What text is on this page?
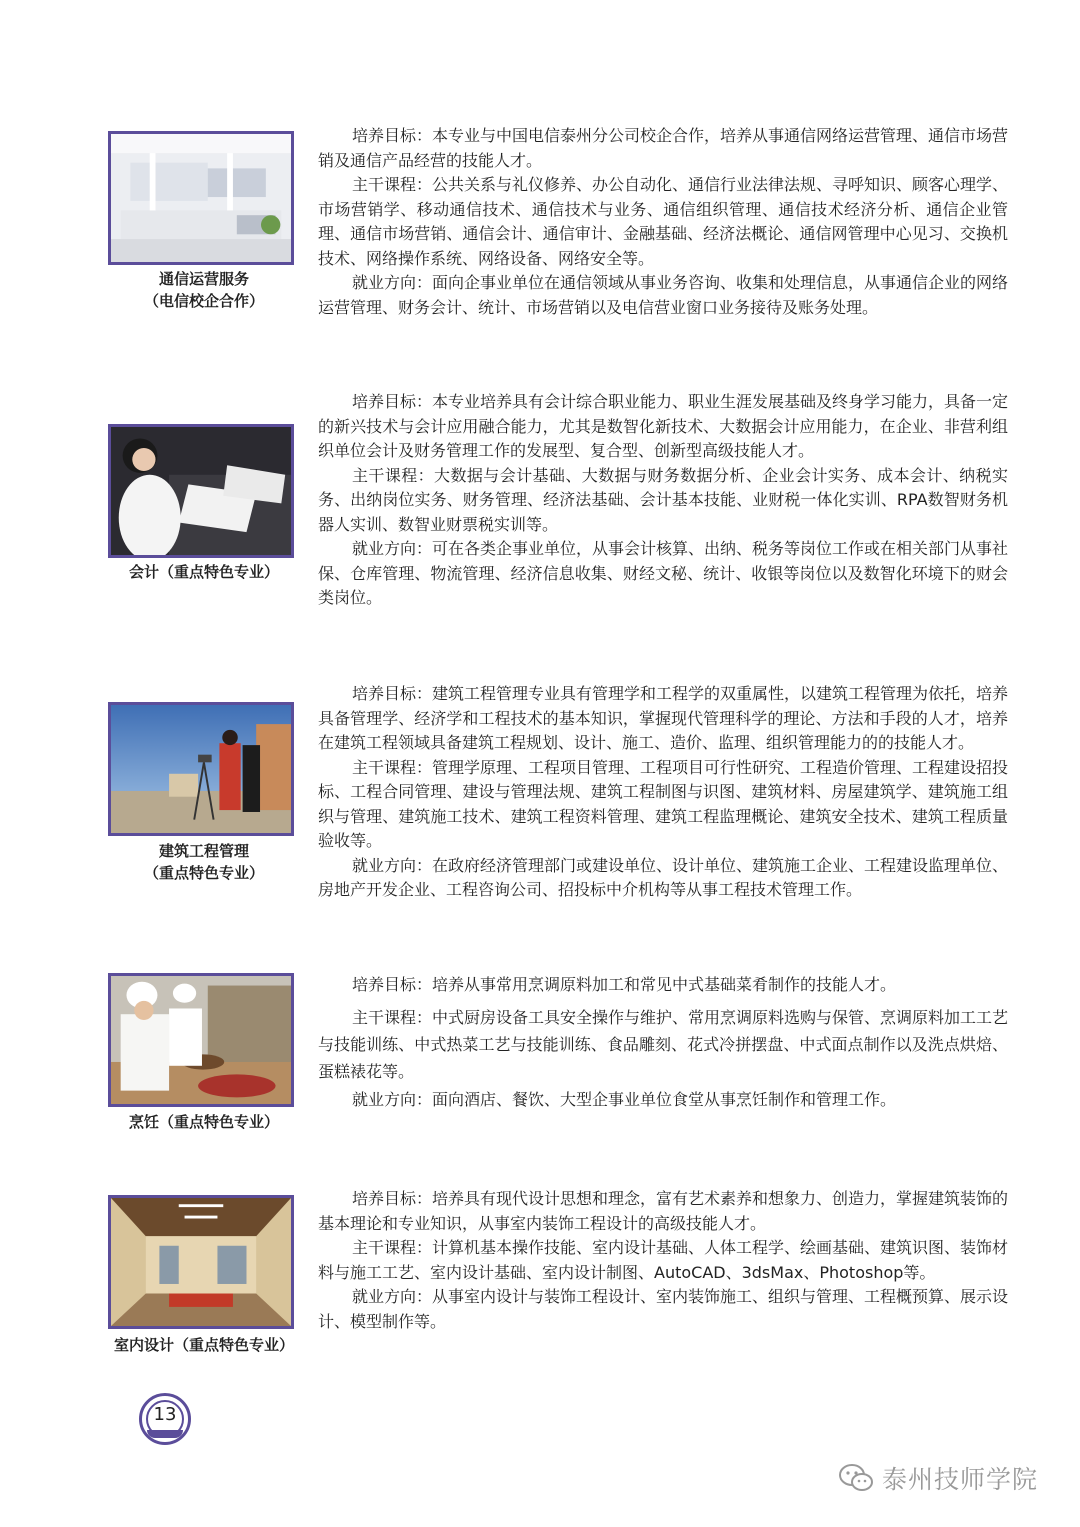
通信运营服务
（电信校企合作）

培养目标：本专业与中国电信泰州分公司校企合作，培养从事通信网络运营管理、通信市场营销及通信产品经营的技能人才。

主干课程：公共关系与礼仪修养、办公自动化、通信行业法律法规、寻呼知识、顾客心理学、市场营销学、移动通信技术、通信技术与业务、通信组织管理、通信技术经济分析、通信企业管理、通信市场营销、通信会计、通信审计、金融基础、经济法概论、通信网管理中心见习、交换机技术、网络操作系统、网络设备、网络安全等。

就业方向：面向企事业单位在通信领域从事业务咨询、收集和处理信息，从事通信企业的网络运营管理、财务会计、统计、市场营销以及电信营业窗口业务接待及账务处理。

会计（重点特色专业）

培养目标：本专业培养具有会计综合职业能力、职业生涯发展基础及终身学习能力，具备一定的新兴技术与会计应用融合能力，尤其是数智化新技术、大数据会计应用能力，在企业、非营利组织单位会计及财务管理工作的发展型、复合型、创新型高级技能人才。

主干课程：大数据与会计基础、大数据与财务数据分析、企业会计实务、成本会计、纳税实务、出纳岗位实务、财务管理、经济法基础、会计基本技能、业财税一体化实训、RPA数智财务机器人实训、数智业财票税实训等。

就业方向：可在各类企事业单位，从事会计核算、出纳、税务等岗位工作或在相关部门从事社保、仓库管理、物流管理、经济信息收集、财经文秘、统计、收银等岗位以及数智化环境下的财会类岗位。

建筑工程管理
（重点特色专业）

培养目标：建筑工程管理专业具有管理学和工程学的双重属性，以建筑工程管理为依托，培养具备管理学、经济学和工程技术的基本知识，掌握现代管理科学的理论、方法和手段的人才，培养在建筑工程领域具备建筑工程规划、设计、施工、造价、监理、组织管理能力的的技能人才。

主干课程：管理学原理、工程项目管理、工程项目可行性研究、工程造价管理、工程建设招投标、工程合同管理、建设与管理法规、建筑工程制图与识图、建筑材料、房屋建筑学、建筑施工组织与管理、建筑施工技术、建筑工程资料管理、建筑工程监理概论、建筑安全技术、建筑工程质量验收等。

就业方向：在政府经济管理部门或建设单位、设计单位、建筑施工企业、工程建设监理单位、房地产开发企业、工程咨询公司、招投标中介机构等从事工程技术管理工作。

烹饪（重点特色专业）

培养目标：培养从事常用烹调原料加工和常见中式基础菜肴制作的技能人才。

主干课程：中式厨房设备工具安全操作与维护、常用烹调原料选购与保管、烹调原料加工工艺与技能训练、中式热菜工艺与技能训练、食品雕刻、花式冷拼摆盘、中式面点制作以及洗点烘焙、蛋糕裱花等。

就业方向：面向酒店、餐饮、大型企事业单位食堂从事烹饪制作和管理工作。

室内设计（重点特色专业）

培养目标：培养具有现代设计思想和理念，富有艺术素养和想象力、创造力，掌握建筑装饰的基本理论和专业知识，从事室内装饰工程设计的高级技能人才。

主干课程：计算机基本操作技能、室内设计基础、人体工程学、绘画基础、建筑识图、装饰材料与施工工艺、室内设计基础、室内设计制图、AutoCAD、3dsMax、Photoshop等。

就业方向：从事室内设计与装饰工程设计、室内装饰施工、组织与管理、工程概预算、展示设计、模型制作等。

13
泰州技师学院
